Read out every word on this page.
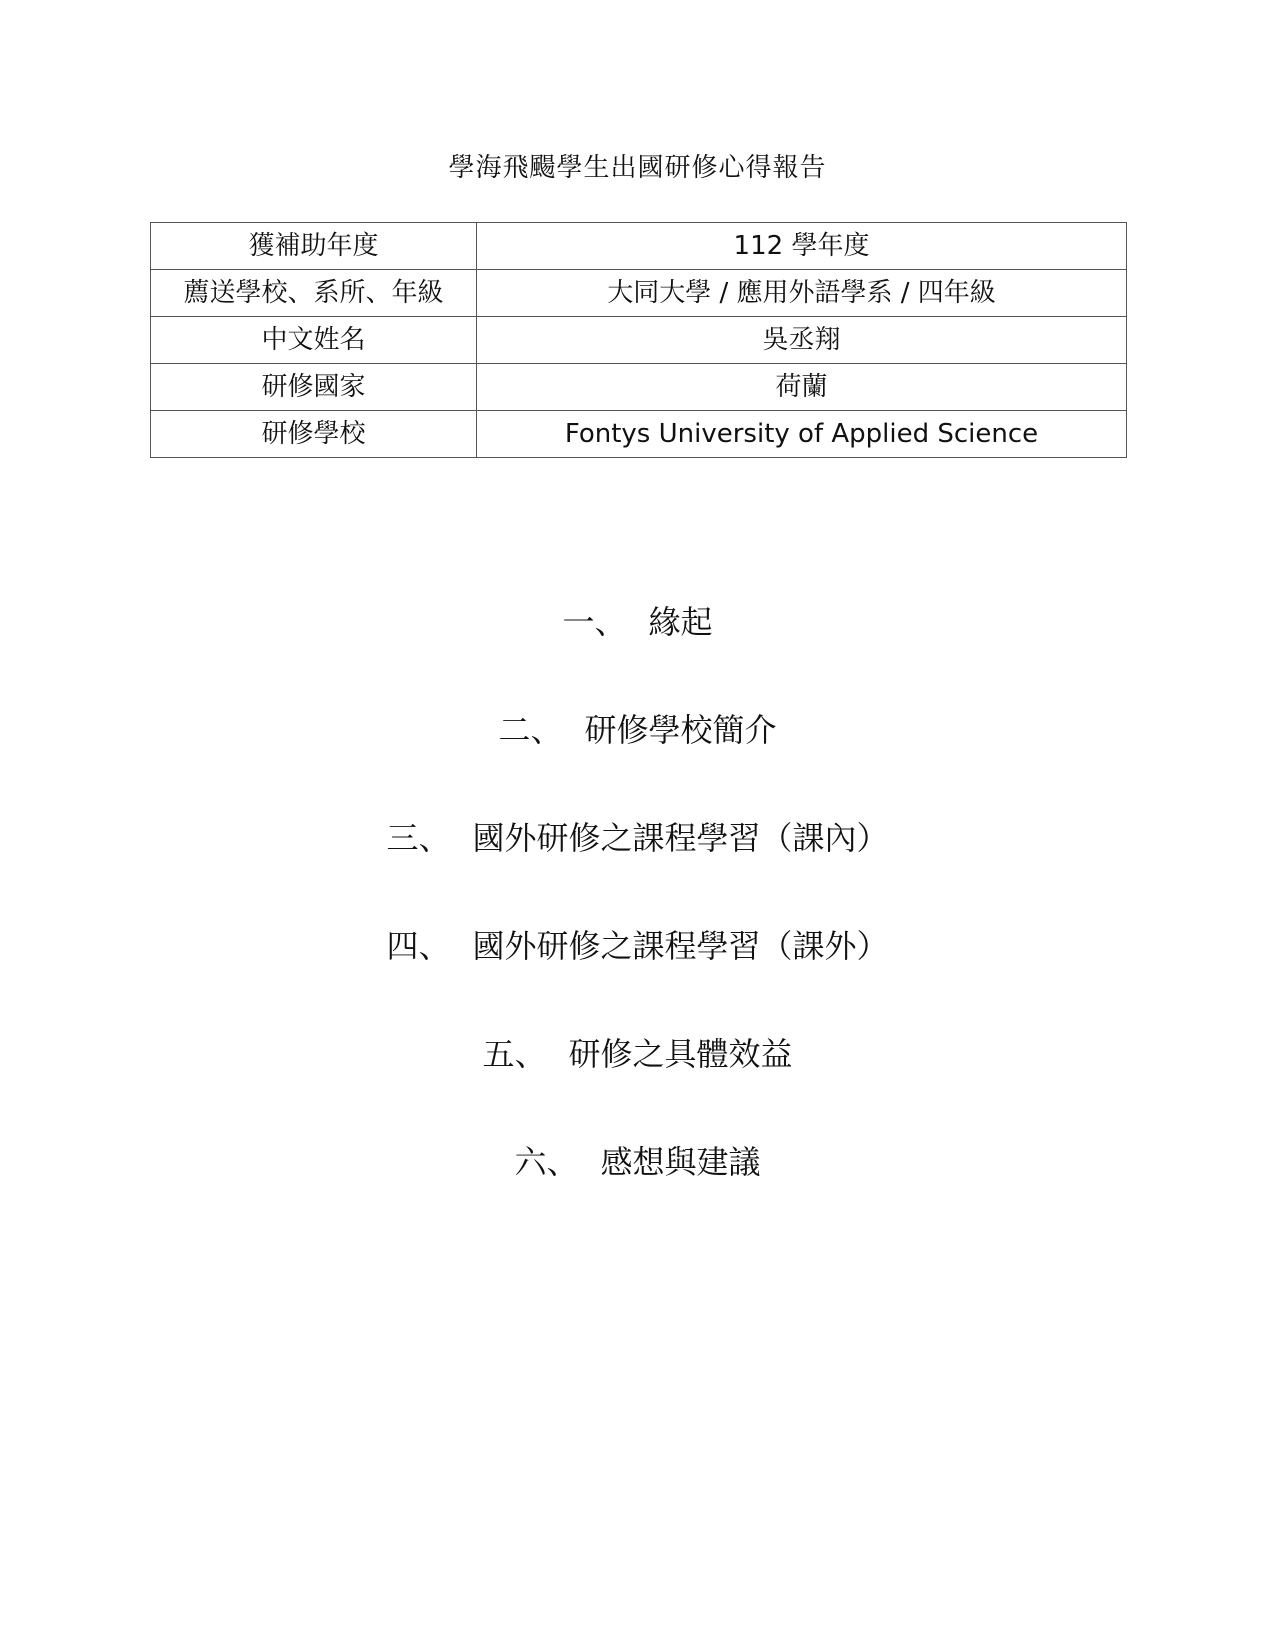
學海飛颺學生出國研修心得報告
獲補助年度	112 學年度
薦送學校、系所、年級	大同大學 / 應用外語學系 / 四年級
中文姓名	吳丞翔
研修國家	荷蘭
研修學校	Fontys University of Applied Science
一、 緣起
二、 研修學校簡介
三、 國外研修之課程學習（課內）
四、 國外研修之課程學習（課外）
五、 研修之具體效益
六、 感想與建議
